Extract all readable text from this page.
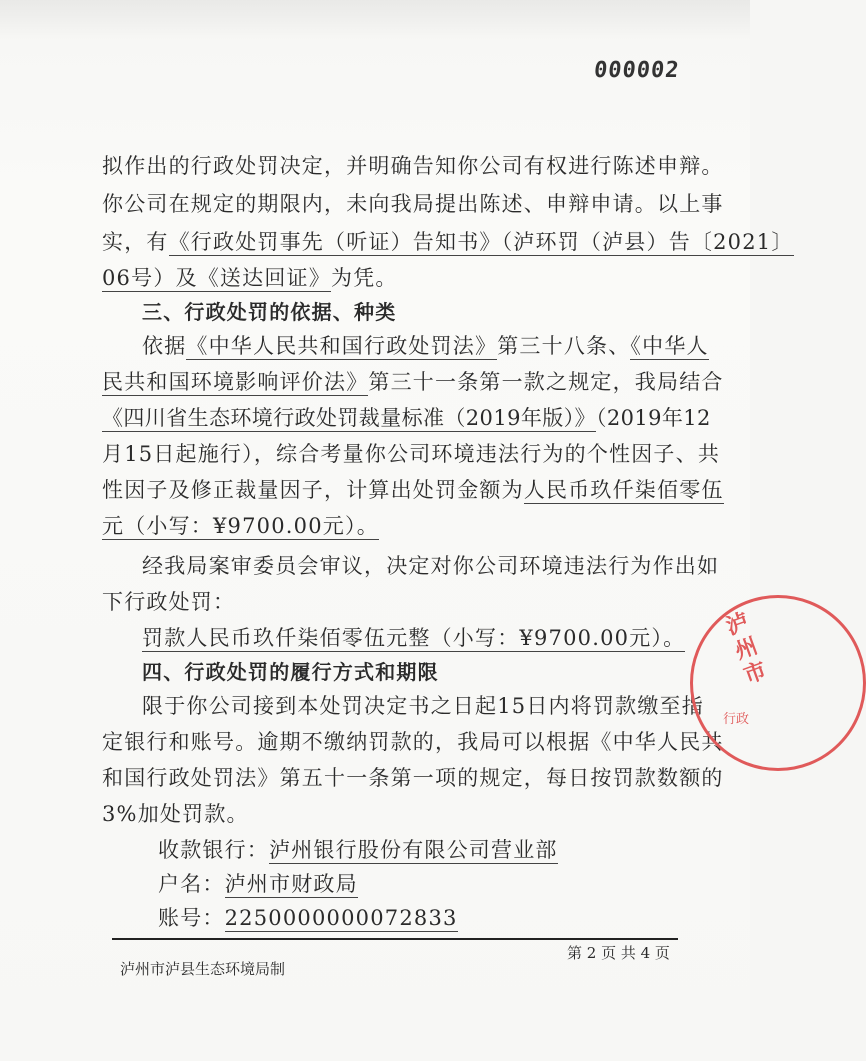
000002
拟作出的行政处罚决定，并明确告知你公司有权进行陈述申辩。
你公司在规定的期限内，未向我局提出陈述、申辩申请。以上事
实，有《行政处罚事先（听证）告知书》（泸环罚（泸县）告〔2021〕
06号）及《送达回证》为凭。
三、行政处罚的依据、种类
依据《中华人民共和国行政处罚法》第三十八条、《中华人
民共和国环境影响评价法》第三十一条第一款之规定，我局结合
《四川省生态环境行政处罚裁量标准（2019年版）》（2019年12
月15日起施行），综合考量你公司环境违法行为的个性因子、共
性因子及修正裁量因子，计算出处罚金额为人民币玖仟柒佰零伍
元（小写：¥9700.00元）。
经我局案审委员会审议，决定对你公司环境违法行为作出如
下行政处罚：
罚款人民币玖仟柒佰零伍元整（小写：¥9700.00元）。
四、行政处罚的履行方式和期限
限于你公司接到本处罚决定书之日起15日内将罚款缴至指
定银行和账号。逾期不缴纳罚款的，我局可以根据《中华人民共
和国行政处罚法》第五十一条第一项的规定，每日按罚款数额的
3%加处罚款。
收款银行：泸州银行股份有限公司营业部
户名：泸州市财政局
账号：2250000000072833
泸州市泸县生态环境局制
第 2 页 共 4 页
泸州市
行政
